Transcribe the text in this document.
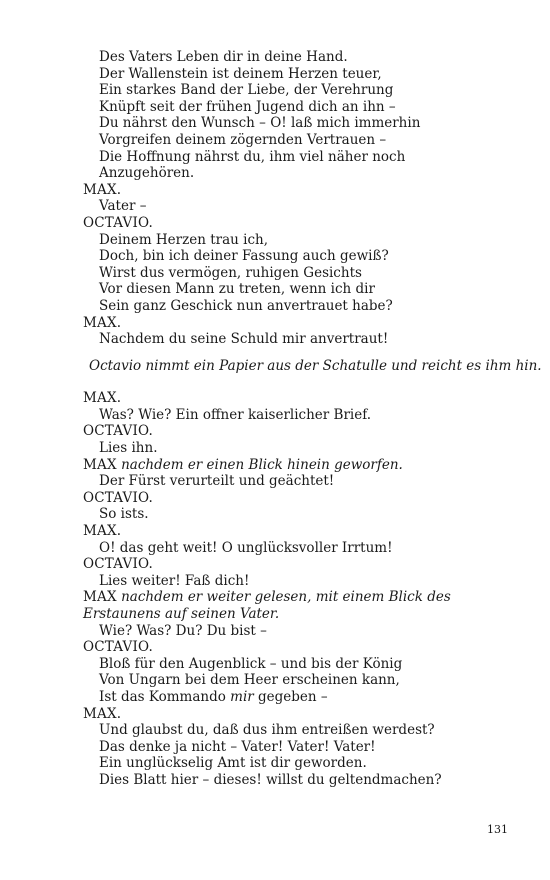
Des Vaters Leben dir in deine Hand.
Der Wallenstein ist deinem Herzen teuer,
Ein starkes Band der Liebe, der Verehrung
Knüpft seit der frühen Jugend dich an ihn –
Du nährst den Wunsch – O! laß mich immerhin
Vorgreifen deinem zögernden Vertrauen –
Die Hoffnung nährst du, ihm viel näher noch
Anzugehören.
MAX.
Vater –
OCTAVIO.
Deinem Herzen trau ich,
Doch, bin ich deiner Fassung auch gewiß?
Wirst dus vermögen, ruhigen Gesichts
Vor diesen Mann zu treten, wenn ich dir
Sein ganz Geschick nun anvertrauet habe?
MAX.
Nachdem du seine Schuld mir anvertraut!
Octavio nimmt ein Papier aus der Schatulle und reicht es ihm hin.
MAX.
Was? Wie? Ein offner kaiserlicher Brief.
OCTAVIO.
Lies ihn.
MAX nachdem er einen Blick hinein geworfen.
Der Fürst verurteilt und geächtet!
OCTAVIO.
So ists.
MAX.
O! das geht weit! O unglücksvoller Irrtum!
OCTAVIO.
Lies weiter! Faß dich!
MAX nachdem er weiter gelesen, mit einem Blick des Erstaunens auf seinen Vater.
Wie? Was? Du? Du bist –
OCTAVIO.
Bloß für den Augenblick – und bis der König
Von Ungarn bei dem Heer erscheinen kann,
Ist das Kommando mir gegeben –
MAX.
Und glaubst du, daß dus ihm entreißen werdest?
Das denke ja nicht – Vater! Vater! Vater!
Ein unglückselig Amt ist dir geworden.
Dies Blatt hier – dieses! willst du geltendmachen?
131
